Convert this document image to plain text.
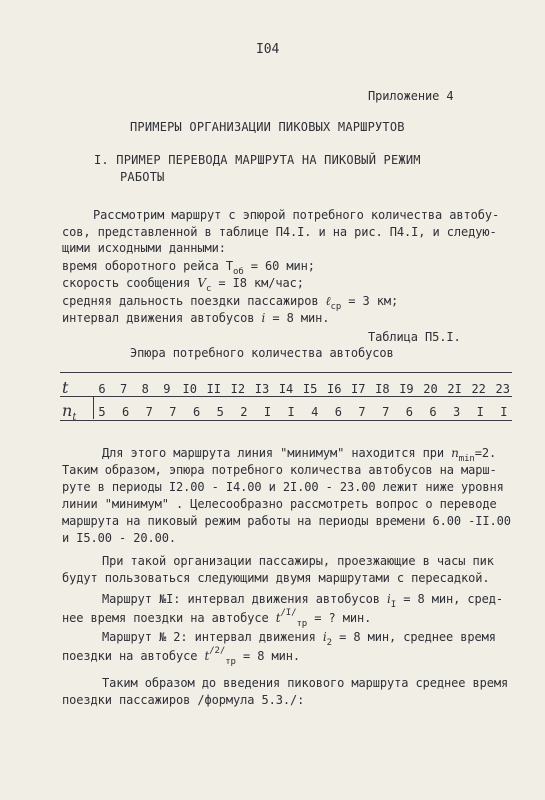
I04
Приложение 4
ПРИМЕРЫ ОРГАНИЗАЦИИ ПИКОВЫХ МАРШРУТОВ
I. ПРИМЕР ПЕРЕВОДА МАРШРУТА НА ПИКОВЫЙ РЕЖИМ
РАБОТЫ
Рассмотрим маршрут с эпюрой потребного количества автобу-
сов, представленной в таблице П4.I. и на рис. П4.I, и следую-
щими исходными данными:
время оборотного рейса $T_{об} = 60$ мин;
скорость сообщения $V_c = I8$ км/час;
средняя дальность поездки пассажиров ℓ$_{ср}$ = 3 км;
интервал движения автобусов i = 8 мин.
Таблица П5.I.
Эпюра потребного количества автобусов
t	6 7 8 9 I0 II I2 I3 I4 I5 I6 I7 I8 I9 20 2I 22 23
$n_t$	5 6 7 7 6 5 2 I I 4 6 7 7 6 6 3 I I
Для этого маршрута линия "минимум" находится при $n_{min}=2$.
Таким образом, эпюра потребного количества автобусов на марш-
руте в периоды I2.00 - I4.00 и 2I.00 - 23.00 лежит ниже уровня
линии "минимум" . Целесообразно рассмотреть вопрос о переводе
маршрута на пиковый режим работы на периоды времени 6.00 -II.00
и I5.00 - 20.00.
При такой организации пассажиры, проезжающие в часы пик
будут пользоваться следующими двумя маршрутами с пересадкой.
Маршрут №I: интервал движения автобусов $i_I = 8$ мин, сред-
нее время поездки на автобусе $t^{/I/}_{тр}$ = ? мин.
Маршрут № 2: интервал движения $i_2 = 8$ мин, среднее время
поездки на автобусе $t^{/2/}_{тр} = 8$ мин.
Таким образом до введения пикового маршрута среднее время
поездки пассажиров /формула 5.3./:
